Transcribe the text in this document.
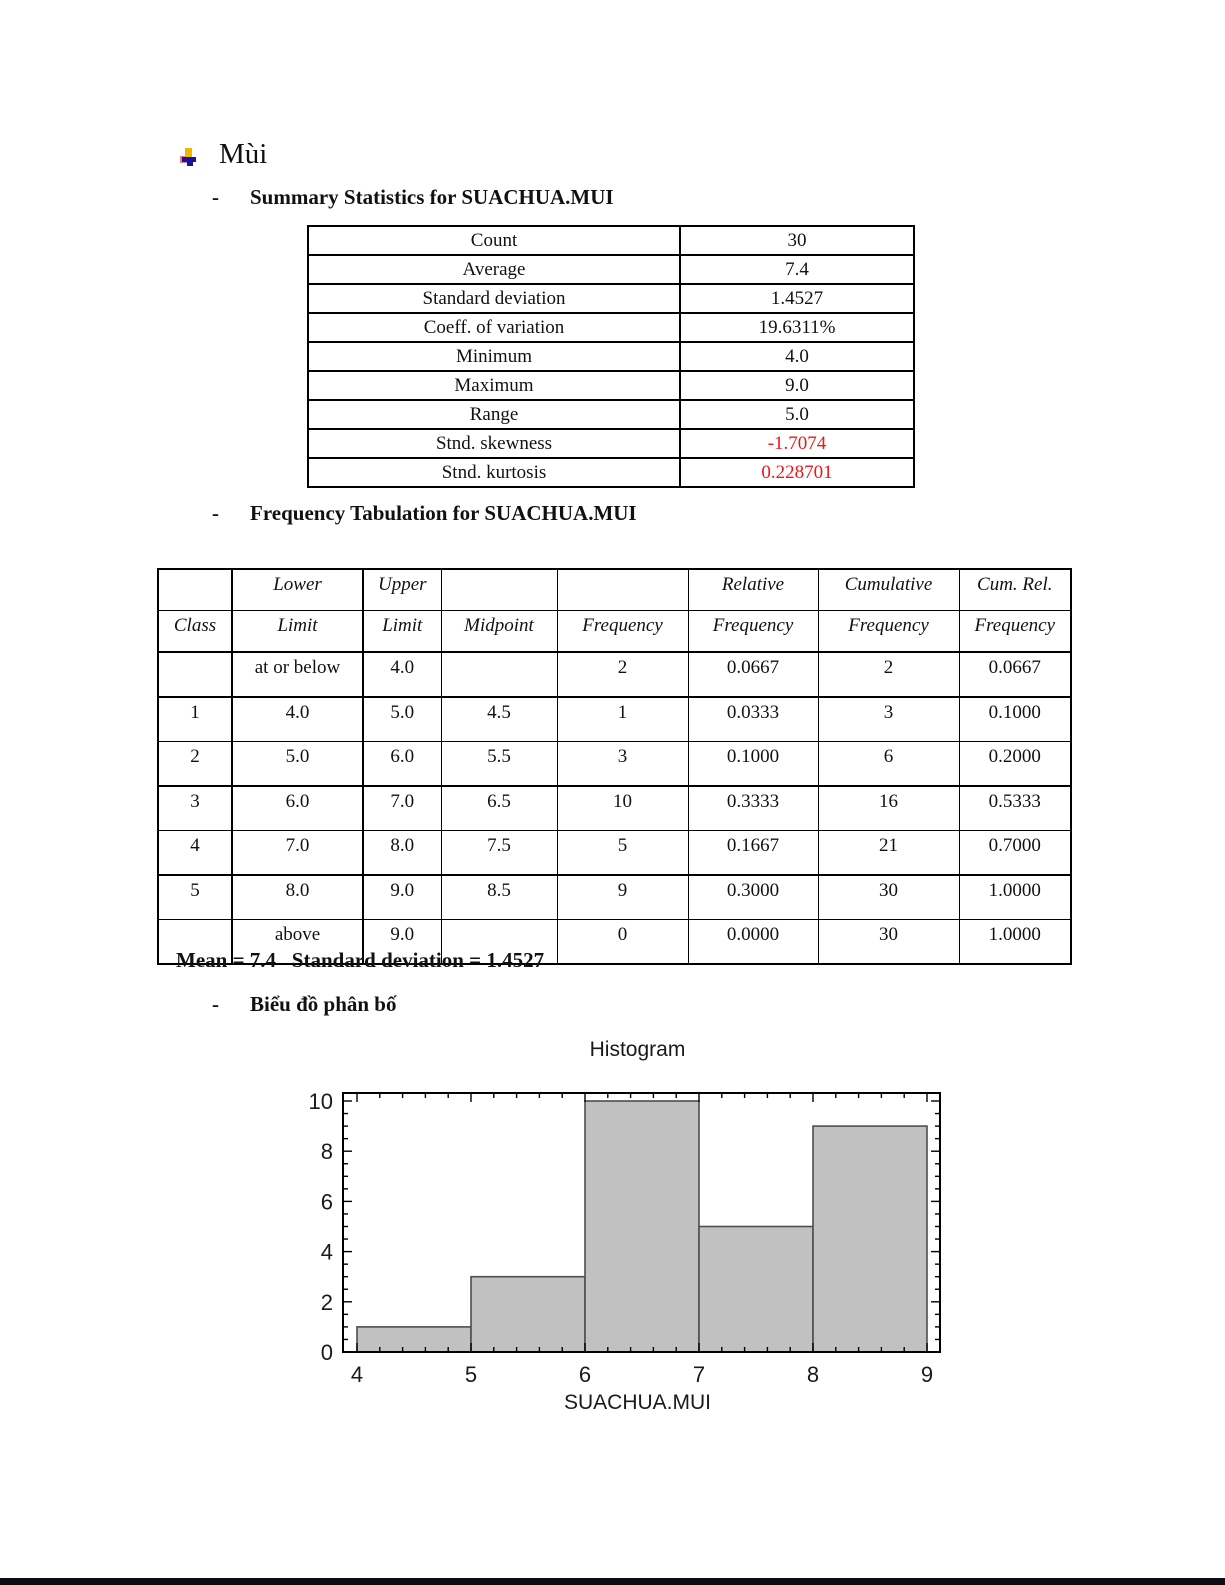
Mùi
-	Summary Statistics for SUACHUA.MUI
Count	30
Average	7.4
Standard deviation	1.4527
Coeff. of variation	19.6311%
Minimum	4.0
Maximum	9.0
Range	5.0
Stnd. skewness	-1.7074
Stnd. kurtosis	0.228701
-	Frequency Tabulation for SUACHUA.MUI
	Lower	Upper			Relative	Cumulative	Cum. Rel.
Class	Limit	Limit	Midpoint	Frequency	Frequency	Frequency	Frequency
	at or below	4.0		2	0.0667	2	0.0667
1	4.0	5.0	4.5	1	0.0333	3	0.1000
2	5.0	6.0	5.5	3	0.1000	6	0.2000
3	6.0	7.0	6.5	10	0.3333	16	0.5333
4	7.0	8.0	7.5	5	0.1667	21	0.7000
5	8.0	9.0	8.5	9	0.3000	30	1.0000
	above	9.0		0	0.0000	30	1.0000
Mean = 7.4   Standard deviation = 1.4527
-	Biểu đồ phân bố
Histogram
0
2
4
6
8
10
4	5	6	7	8	9
SUACHUA.MUI
